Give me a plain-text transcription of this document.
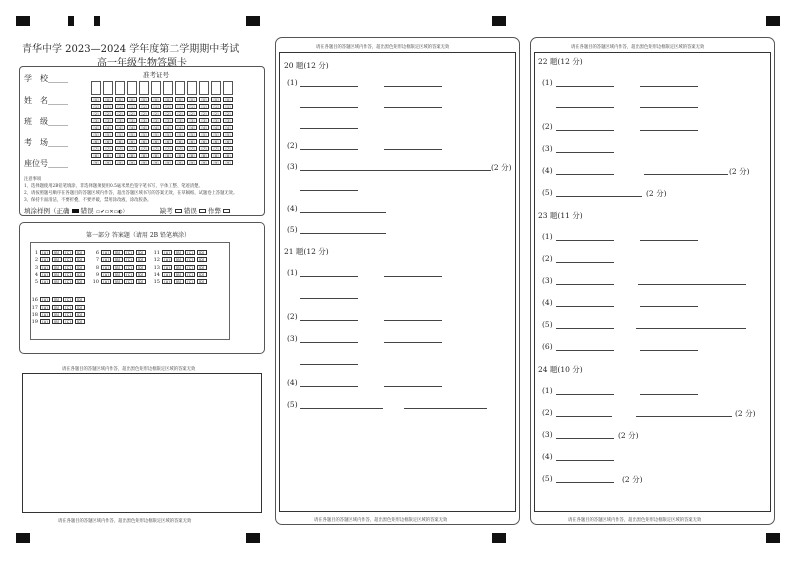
青华中学 2023—2024 学年度第二学期期中考试
高一年级生物答题卡
学　校_____
姓　名_____
班　级_____
考　场_____
座位号_____
准考证号
[0]	[0]	[0]	[0]	[0]	[0]	[0]	[0]	[0]	[0]	[0]	[0]
[1]	[1]	[1]	[1]	[1]	[1]	[1]	[1]	[1]	[1]	[1]	[1]
[2]	[2]	[2]	[2]	[2]	[2]	[2]	[2]	[2]	[2]	[2]	[2]
[3]	[3]	[3]	[3]	[3]	[3]	[3]	[3]	[3]	[3]	[3]	[3]
[4]	[4]	[4]	[4]	[4]	[4]	[4]	[4]	[4]	[4]	[4]	[4]
[5]	[5]	[5]	[5]	[5]	[5]	[5]	[5]	[5]	[5]	[5]	[5]
[6]	[6]	[6]	[6]	[6]	[6]	[6]	[6]	[6]	[6]	[6]	[6]
[7]	[7]	[7]	[7]	[7]	[7]	[7]	[7]	[7]	[7]	[7]	[7]
[8]	[8]	[8]	[8]	[8]	[8]	[8]	[8]	[8]	[8]	[8]	[8]
[9]	[9]	[9]	[9]	[9]	[9]	[9]	[9]	[9]	[9]	[9]	[9]
注意事项
1、选择题使用2B铅笔填涂，非选择题须使用0.5毫米黑色签字笔书写，字体工整、笔迹清楚。
2、请按照题号顺序在各题目的答题区域内作答，超出答题区域书写的答案无效，在草稿纸、试题卷上答题无效。
3、保持卡面清洁，不要折叠，不要弄破，禁用涂改液、涂改胶条。
填涂样例（正确 错误 ▭✔▭✕▭◐）	缺考 错误 作弊
第一部分 答案题（请用 2B 铅笔填涂）
1 [A] [B] [C] [D]
2 [A] [B] [C] [D]
3 [A] [B] [C] [D]
4 [A] [B] [C] [D]
5 [A] [B] [C] [D]
6 [A] [B] [C] [D]
7 [A] [B] [C] [D]
8 [A] [B] [C] [D]
9 [A] [B] [C] [D]
10 [A] [B] [C] [D]
11 [A] [B] [C] [D]
12 [A] [B] [C] [D]
13 [A] [B] [C] [D]
14 [A] [B] [C] [D]
15 [A] [B] [C] [D]
16 [A] [B] [C] [D]
17 [A] [B] [C] [D]
18 [A] [B] [C] [D]
19 [A] [B] [C] [D]
请在各题目的答题区域内作答，超出黑色矩形边框限定区域的答案无效
请在各题目的答题区域内作答，超出黑色矩形边框限定区域的答案无效
请在各题目的答题区域内作答，超出黑色矩形边框限定区域的答案无效
请在各题目的答题区域内作答，超出黑色矩形边框限定区域的答案无效
20 题(12 分)
(1)
(2)
(3)	(2 分)
(4)
(5)
21 题(12 分)
(1)
(2)
(3)
(4)
(5)
请在各题目的答题区域内作答，超出黑色矩形边框限定区域的答案无效
请在各题目的答题区域内作答，超出黑色矩形边框限定区域的答案无效
22 题(12 分)
(1)
(2)
(3)
(4)	(2 分)
(5)	(2 分)
23 题(11 分)
(1)
(2)
(3)
(4)
(5)
(6)
24 题(10 分)
(1)
(2)	(2 分)
(3)	(2 分)
(4)
(5)	(2 分)
